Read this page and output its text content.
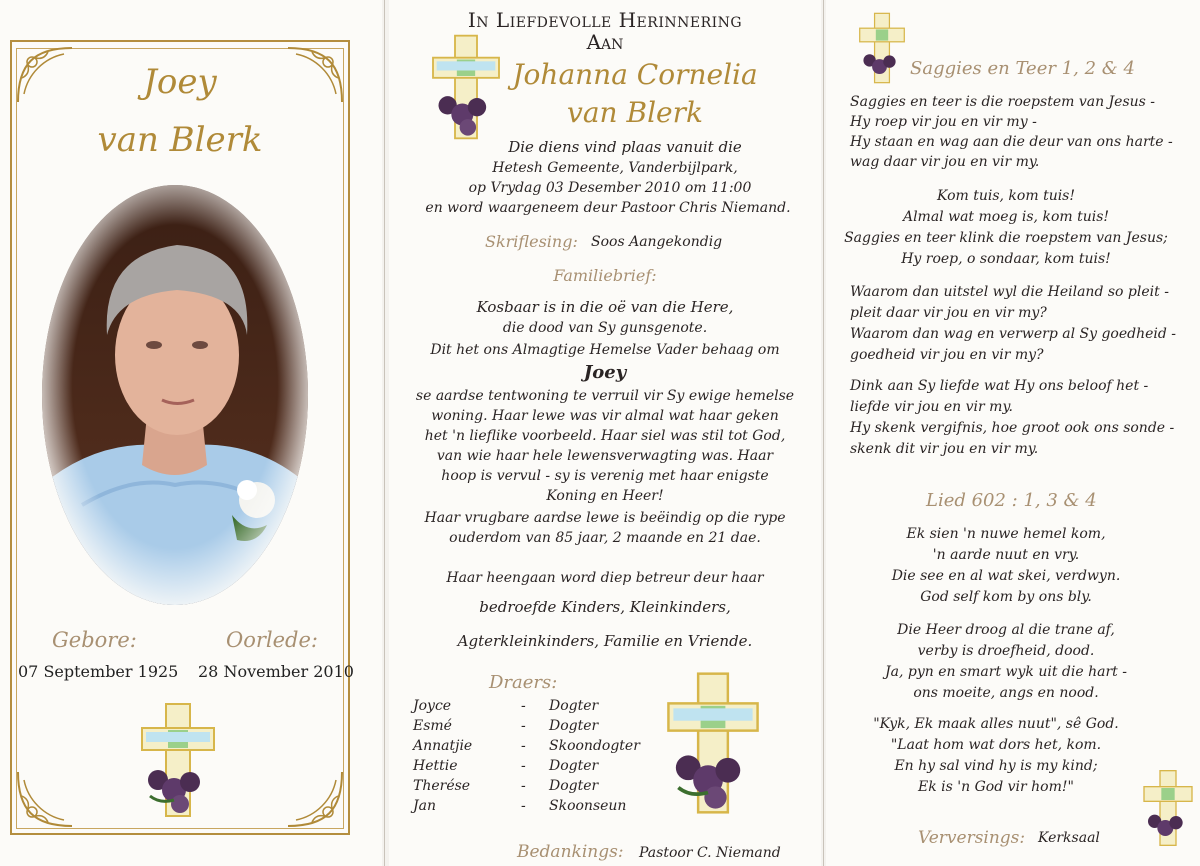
Joey
van Blerk
Gebore:	Oorlede:
07 September 1925 28 November 2010
In Liefdevolle Herinnering
Aan
Johanna Cornelia
van Blerk
Die diens vind plaas vanuit die
Hetesh Gemeente, Vanderbijlpark,
op Vrydag 03 Desember 2010 om 11:00
en word waargeneem deur Pastoor Chris Niemand.
Skriflesing: Soos Aangekondig
Familiebrief:
Kosbaar is in die oë van die Here,
die dood van Sy gunsgenote.
Dit het ons Almagtige Hemelse Vader behaag om
Joey
se aardse tentwoning te verruil vir Sy ewige hemelse
woning. Haar lewe was vir almal wat haar geken
het 'n lieflike voorbeeld. Haar siel was stil tot God,
van wie haar hele lewensverwagting was. Haar
hoop is vervul - sy is verenig met haar enigste
Koning en Heer!
Haar vrugbare aardse lewe is beëindig op die rype
ouderdom van 85 jaar, 2 maande en 21 dae.
Haar heengaan word diep betreur deur haar
bedroefde Kinders, Kleinkinders,
Agterkleinkinders, Familie en Vriende.
Draers:
Joyce	- Dogter
Esmé	- Dogter
Annatjie	- Skoondogter
Hettie	- Dogter
Therése	- Dogter
Jan	- Skoonseun
Bedankings: Pastoor C. Niemand
Saggies en Teer 1, 2 & 4
Saggies en teer is die roepstem van Jesus -
Hy roep vir jou en vir my -
Hy staan en wag aan die deur van ons harte -
wag daar vir jou en vir my.
Kom tuis, kom tuis!
Almal wat moeg is, kom tuis!
Saggies en teer klink die roepstem van Jesus;
Hy roep, o sondaar, kom tuis!
Waarom dan uitstel wyl die Heiland so pleit -
pleit daar vir jou en vir my?
Waarom dan wag en verwerp al Sy goedheid -
goedheid vir jou en vir my?
Dink aan Sy liefde wat Hy ons beloof het -
liefde vir jou en vir my.
Hy skenk vergifnis, hoe groot ook ons sonde -
skenk dit vir jou en vir my.
Lied 602 : 1, 3 & 4
Ek sien 'n nuwe hemel kom,
'n aarde nuut en vry.
Die see en al wat skei, verdwyn.
God self kom by ons bly.
Die Heer droog al die trane af,
verby is droefheid, dood.
Ja, pyn en smart wyk uit die hart -
ons moeite, angs en nood.
"Kyk, Ek maak alles nuut", sê God.
"Laat hom wat dors het, kom.
En hy sal vind hy is my kind;
Ek is 'n God vir hom!"
Verversings: Kerksaal
